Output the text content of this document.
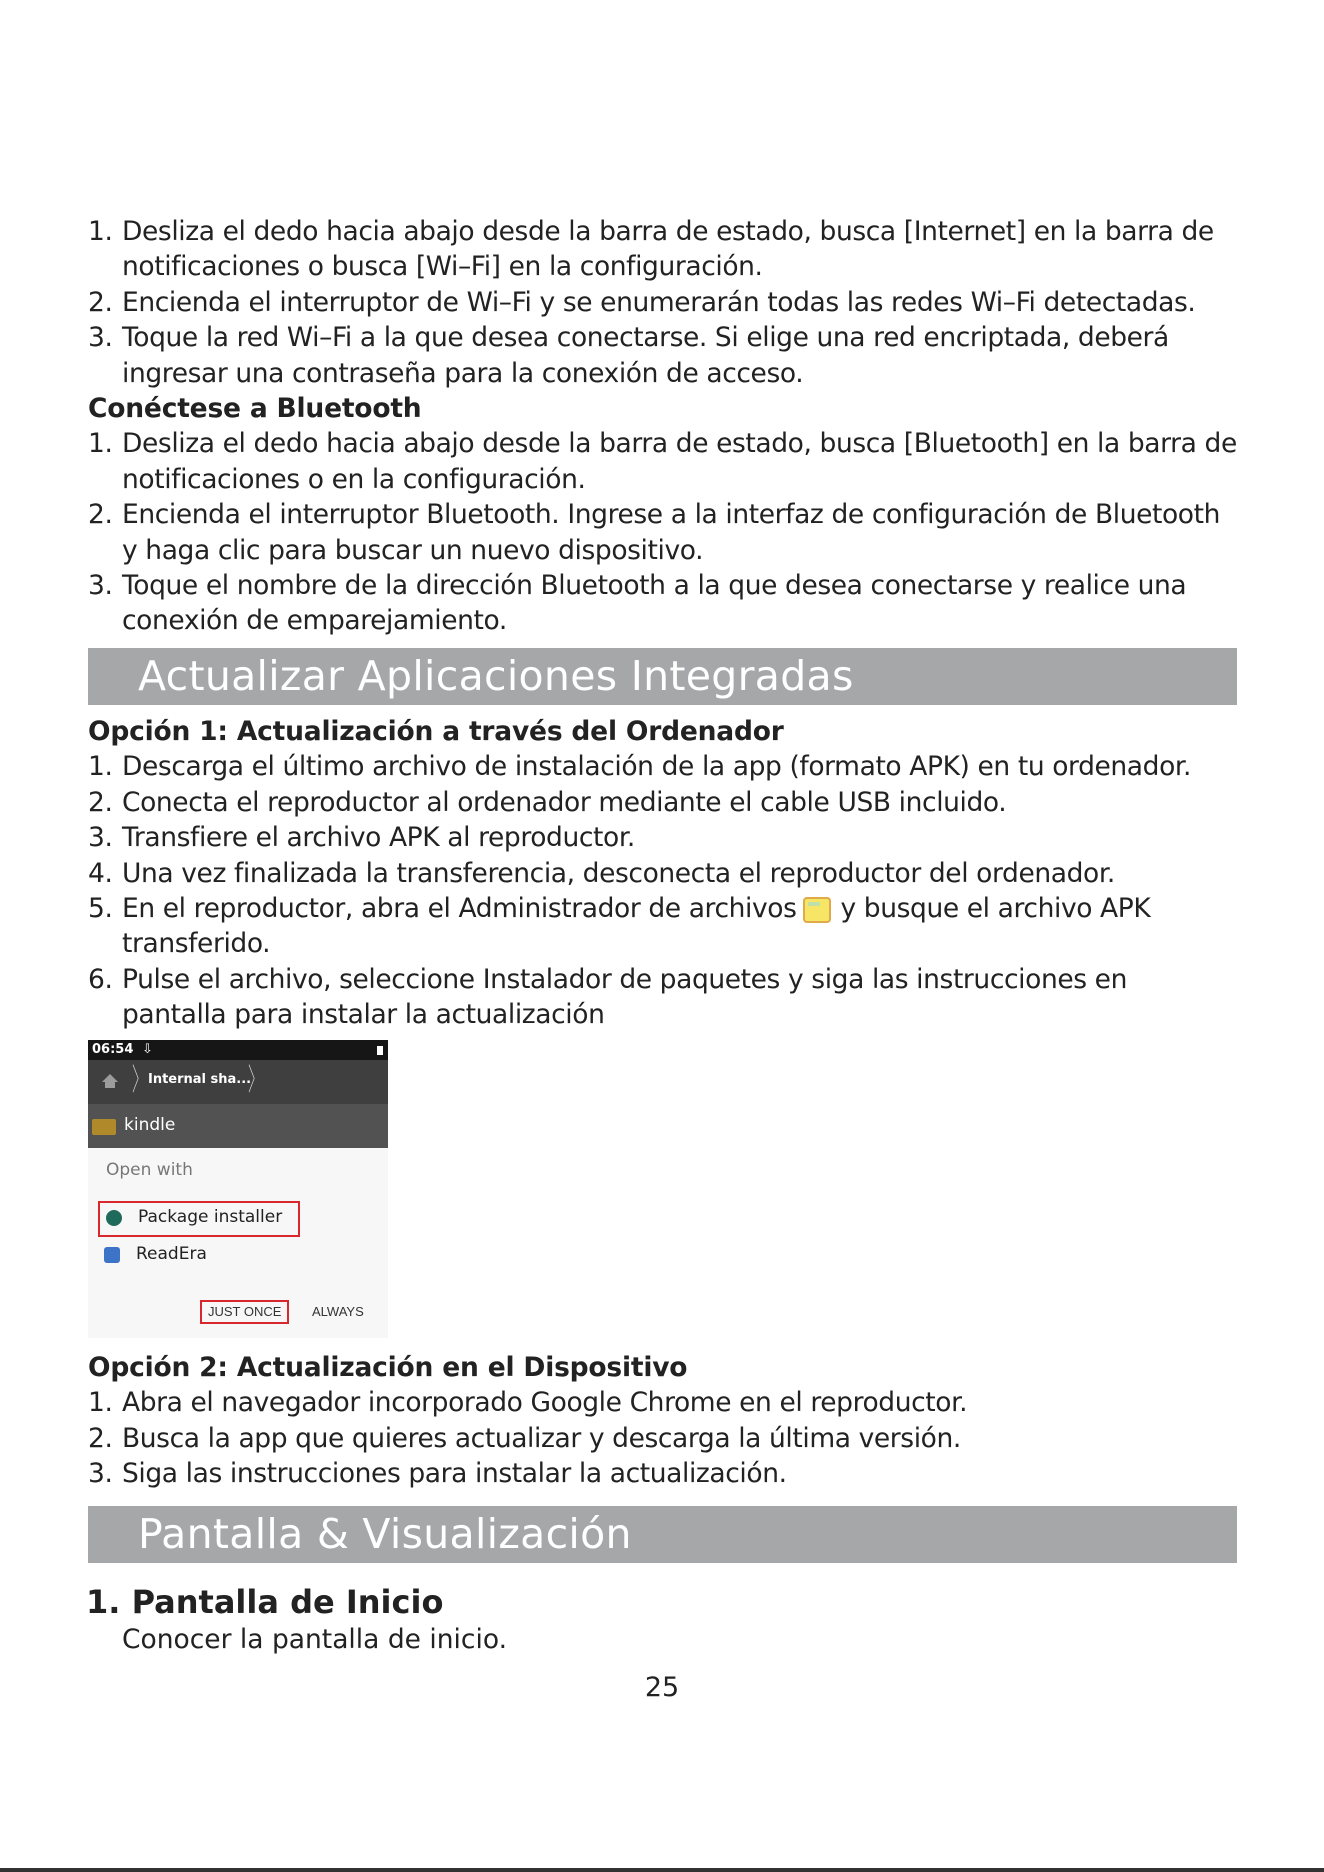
1. Desliza el dedo hacia abajo desde la barra de estado, busca [Internet] en la barra de notificaciones o busca [Wi–Fi] en la configuración.
2. Encienda el interruptor de Wi–Fi y se enumerarán todas las redes Wi–Fi detectadas.
3. Toque la red Wi–Fi a la que desea conectarse. Si elige una red encriptada, deberá ingresar una contraseña para la conexión de acceso.
Conéctese a Bluetooth
1. Desliza el dedo hacia abajo desde la barra de estado, busca [Bluetooth] en la barra de notificaciones o en la configuración.
2. Encienda el interruptor Bluetooth. Ingrese a la interfaz de configuración de Bluetooth y haga clic para buscar un nuevo dispositivo.
3. Toque el nombre de la dirección Bluetooth a la que desea conectarse y realice una conexión de emparejamiento.
Actualizar Aplicaciones Integradas
Opción 1: Actualización a través del Ordenador
1. Descarga el último archivo de instalación de la app (formato APK) en tu ordenador.
2. Conecta el reproductor al ordenador mediante el cable USB incluido.
3. Transfiere el archivo APK al reproductor.
4. Una vez finalizada la transferencia, desconecta el reproductor del ordenador.
5. En el reproductor, abra el Administrador de archivos y busque el archivo APK transferido.
6. Pulse el archivo, seleccione Instalador de paquetes y siga las instrucciones en pantalla para instalar la actualización
06:54 ⇩
〉 Internal sha...
〉
kindle
Open with
Package installer
ReadEra
JUST ONCE	ALWAYS
Opción 2: Actualización en el Dispositivo
1. Abra el navegador incorporado Google Chrome en el reproductor.
2. Busca la app que quieres actualizar y descarga la última versión.
3. Siga las instrucciones para instalar la actualización.
Pantalla & Visualización
1. Pantalla de Inicio
Conocer la pantalla de inicio.
25
